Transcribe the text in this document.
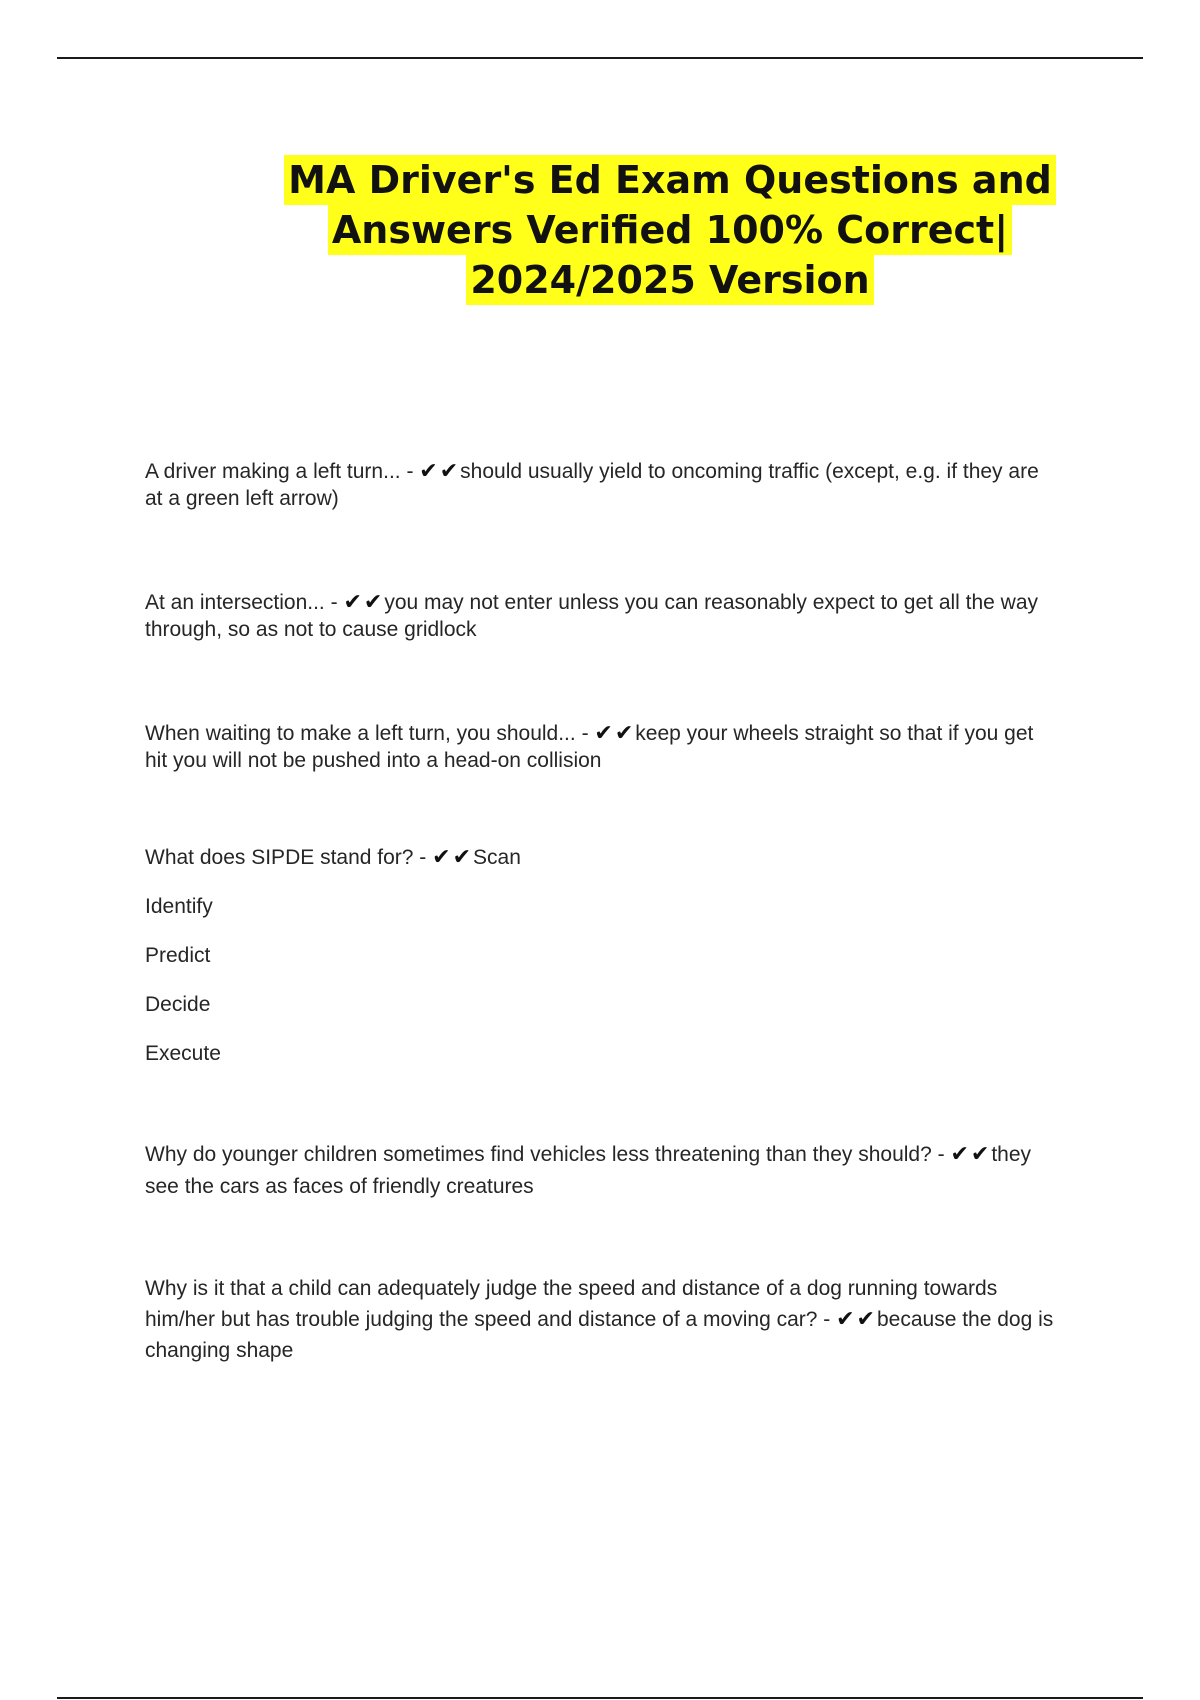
MA Driver's Ed Exam Questions and
Answers Verified 100% Correct|
2024/2025 Version

A driver making a left turn... - ✔✔should usually yield to oncoming traffic (except, e.g. if they are at a green left arrow)

At an intersection... - ✔✔you may not enter unless you can reasonably expect to get all the way through, so as not to cause gridlock

When waiting to make a left turn, you should... - ✔✔keep your wheels straight so that if you get hit you will not be pushed into a head-on collision

What does SIPDE stand for? - ✔✔Scan

Identify

Predict

Decide

Execute

Why do younger children sometimes find vehicles less threatening than they should? - ✔✔they see the cars as faces of friendly creatures

Why is it that a child can adequately judge the speed and distance of a dog running towards him/her but has trouble judging the speed and distance of a moving car? - ✔✔because the dog is changing shape
